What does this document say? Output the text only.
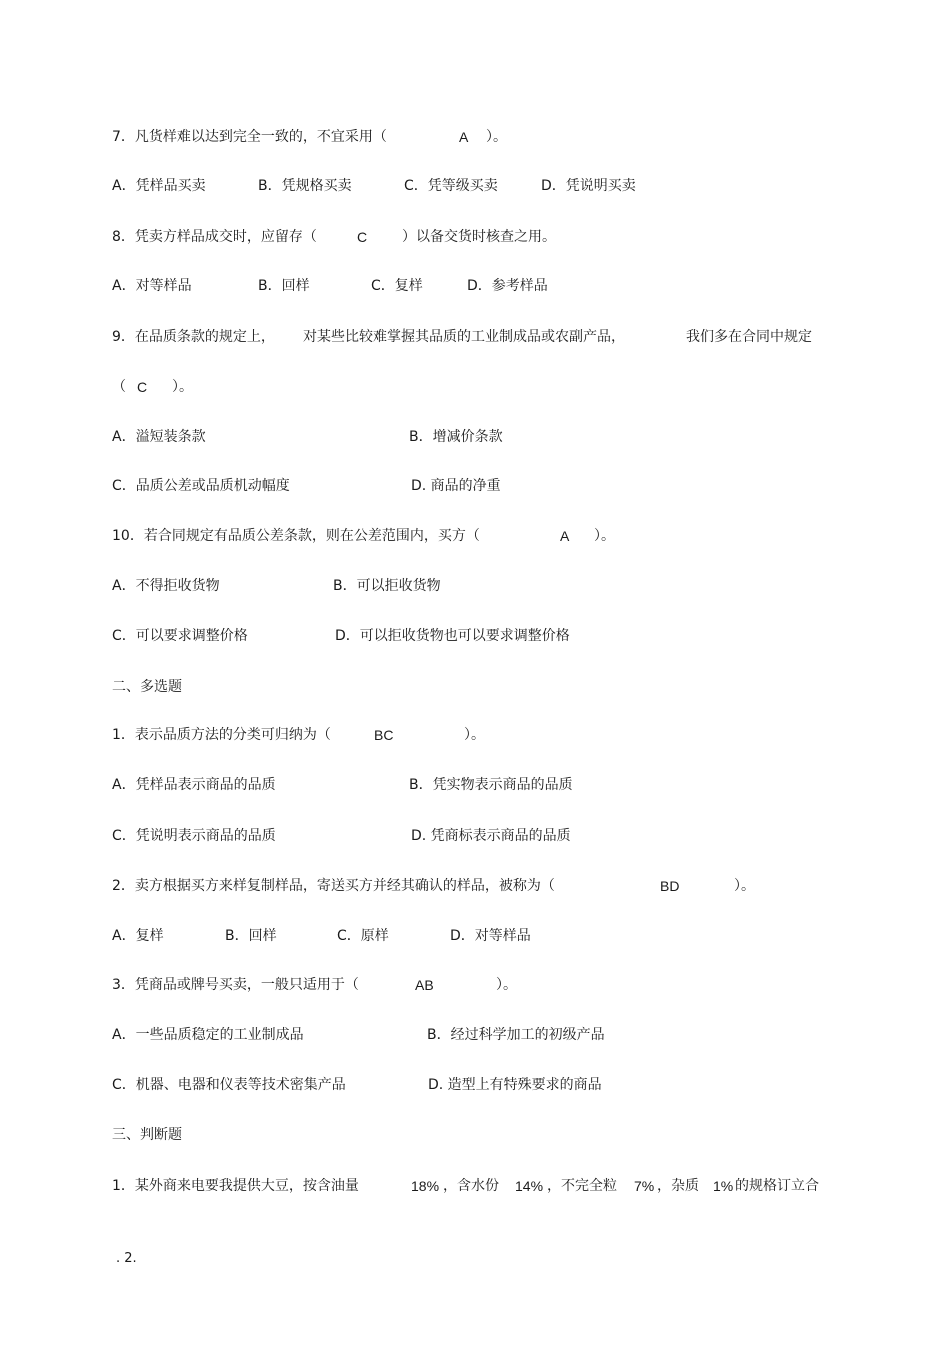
7．凡货样难以达到完全一致的，不宜采用（	A ）。
A．凭样品买卖	B．凭规格买卖	C．凭等级买卖	D．凭说明买卖
8．凭卖方样品成交时，应留存（	C ）以备交货时核查之用。
A．对等样品	B．回样	C．复样	D．参考样品
9．在品质条款的规定上， 对某些比较难掌握其品质的工业制成品或农副产品，	我们多在合同中规定
（ C ）。
A．溢短装条款	B．增减价条款
C．品质公差或品质机动幅度	D. 商品的净重
10．若合同规定有品质公差条款，则在公差范围内，买方（	A ）。
A．不得拒收货物	B．可以拒收货物
C．可以要求调整价格	D．可以拒收货物也可以要求调整价格
二、多选题
1．表示品质方法的分类可归纳为（	BC	）。
A．凭样品表示商品的品质	B．凭实物表示商品的品质
C．凭说明表示商品的品质	D. 凭商标表示商品的品质
2．卖方根据买方来样复制样品，寄送买方并经其确认的样品，被称为（	BD	）。
A．复样	B．回样	C．原样	D．对等样品
3．凭商品或牌号买卖，一般只适用于（	AB	）。
A．一些品质稳定的工业制成品	B．经过科学加工的初级产品
C．机器、电器和仪表等技术密集产品	D. 造型上有特殊要求的商品
三、判断题
1．某外商来电要我提供大豆，按含油量	18% ，含水份 14% ，不完全粒 7% ，杂质 1% 的规格订立合
. 2.
